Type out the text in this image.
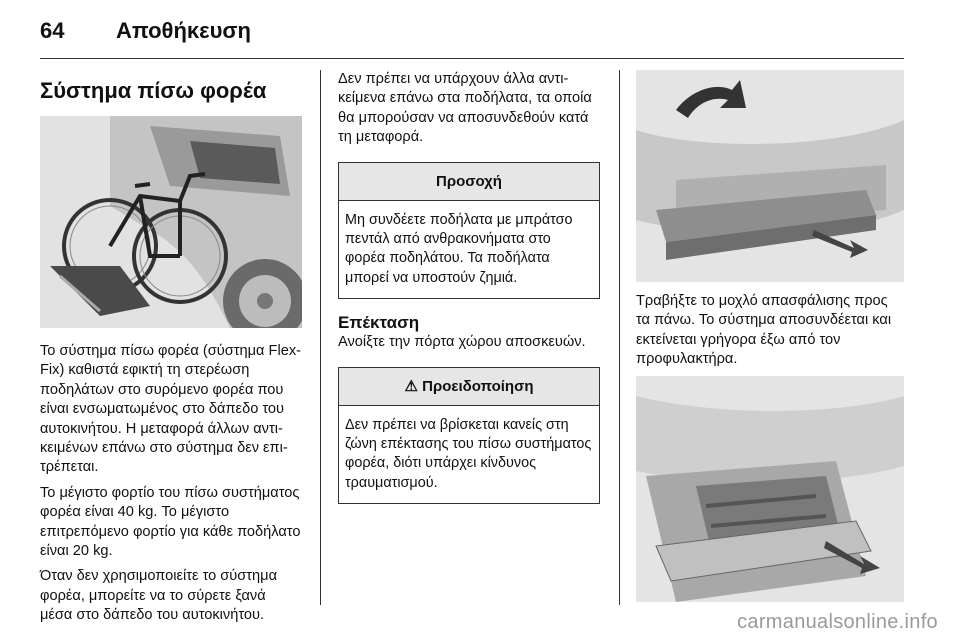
64	Αποθήκευση
Σύστημα πίσω φορέα

Το σύστημα πίσω φορέα (σύστημα Flex-Fix) καθιστά εφικτή τη στερέωση ποδηλάτων στο συρόμενο φορέα που είναι ενσωματωμένος στο δάπεδο του αυτοκινήτου. Η μεταφορά άλλων αντικειμένων επάνω στο σύστημα δεν επιτρέπεται.

Το μέγιστο φορτίο του πίσω συστήματος φορέα είναι 40 kg. Το μέγιστο επιτρεπόμενο φορτίο για κάθε ποδήλατο είναι 20 kg.

Όταν δεν χρησιμοποιείτε το σύστημα φορέα, μπορείτε να το σύρετε ξανά μέσα στο δάπεδο του αυτοκινήτου.

Δεν πρέπει να υπάρχουν άλλα αντικείμενα επάνω στα ποδήλατα, τα οποία θα μπορούσαν να αποσυνδεθούν κατά τη μεταφορά.

Προσοχή
Μη συνδέετε ποδήλατα με μπράτσο πεντάλ από ανθρακονήματα στο φορέα ποδηλάτου. Τα ποδήλατα μπορεί να υποστούν ζημιά.
Επέκταση

Ανοίξτε την πόρτα χώρου αποσκευών.

⚠ Προειδοποίηση
Δεν πρέπει να βρίσκεται κανείς στη ζώνη επέκτασης του πίσω συστήματος φορέα, διότι υπάρχει κίνδυνος τραυματισμού.

Τραβήξτε το μοχλό απασφάλισης προς τα πάνω. Το σύστημα αποσυνδέεται και εκτείνεται γρήγορα έξω από τον προφυλακτήρα.

carmanualsonline.info
